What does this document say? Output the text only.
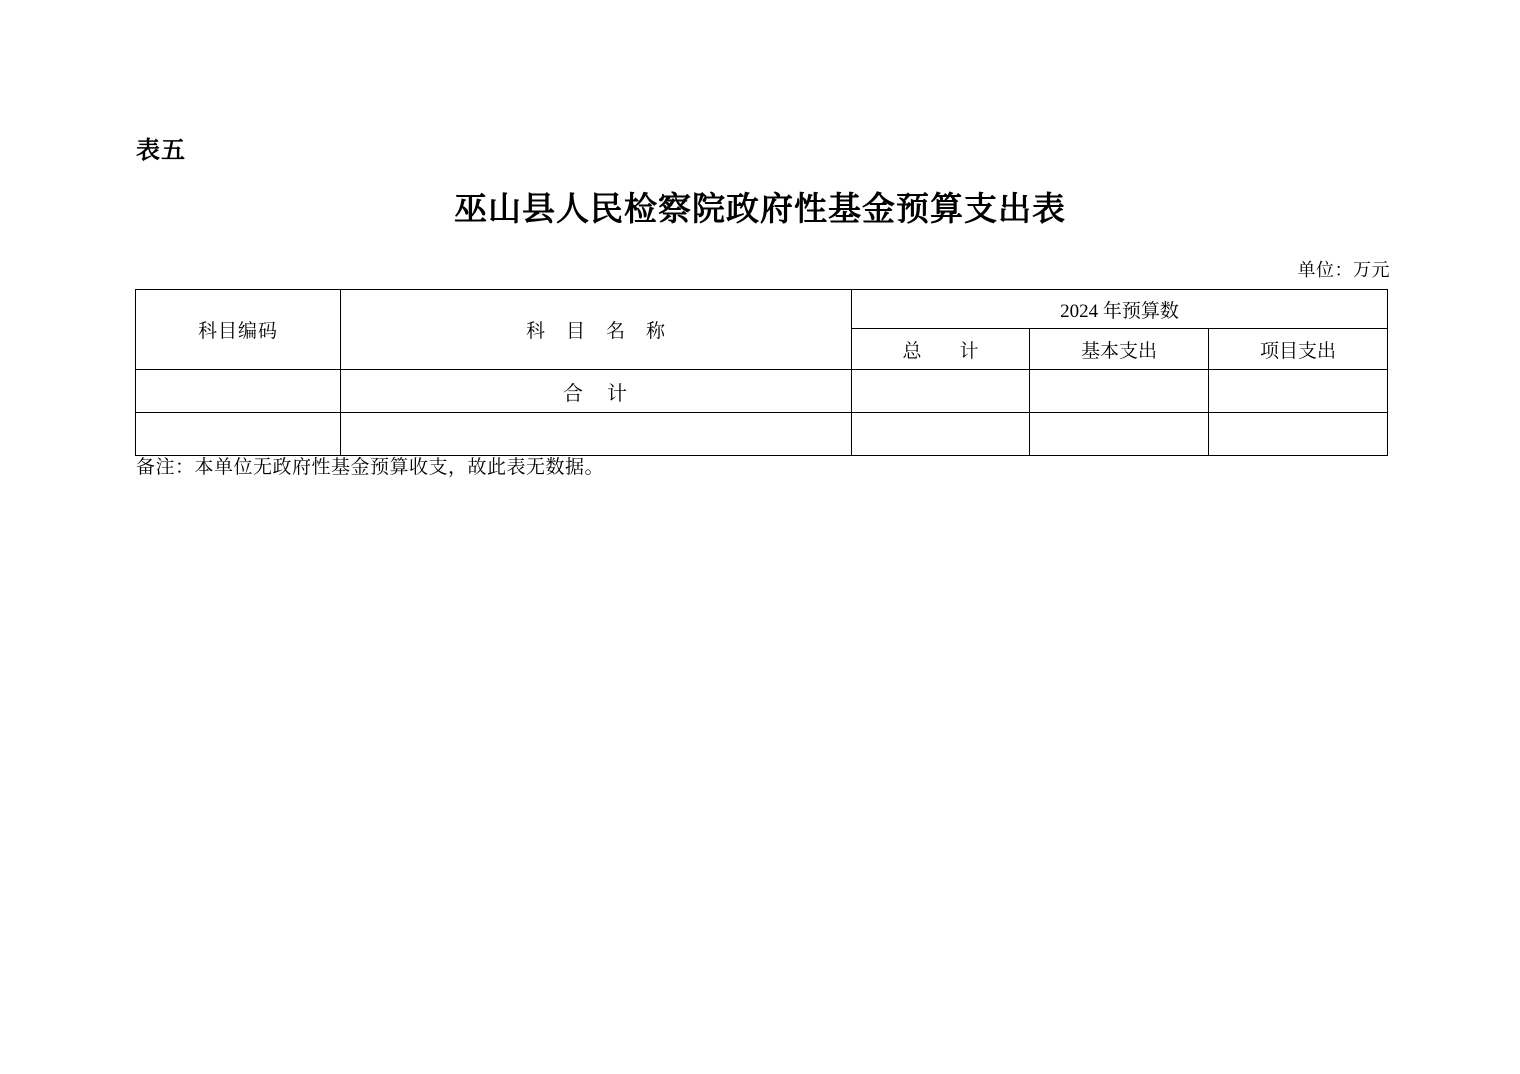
表五
巫山县人民检察院政府性基金预算支出表
单位：万元
科目编码	科　目　名　称	2024 年预算数		
		总　　计	基本支出	项目支出
	合　计			

备注：本单位无政府性基金预算收支，故此表无数据。
